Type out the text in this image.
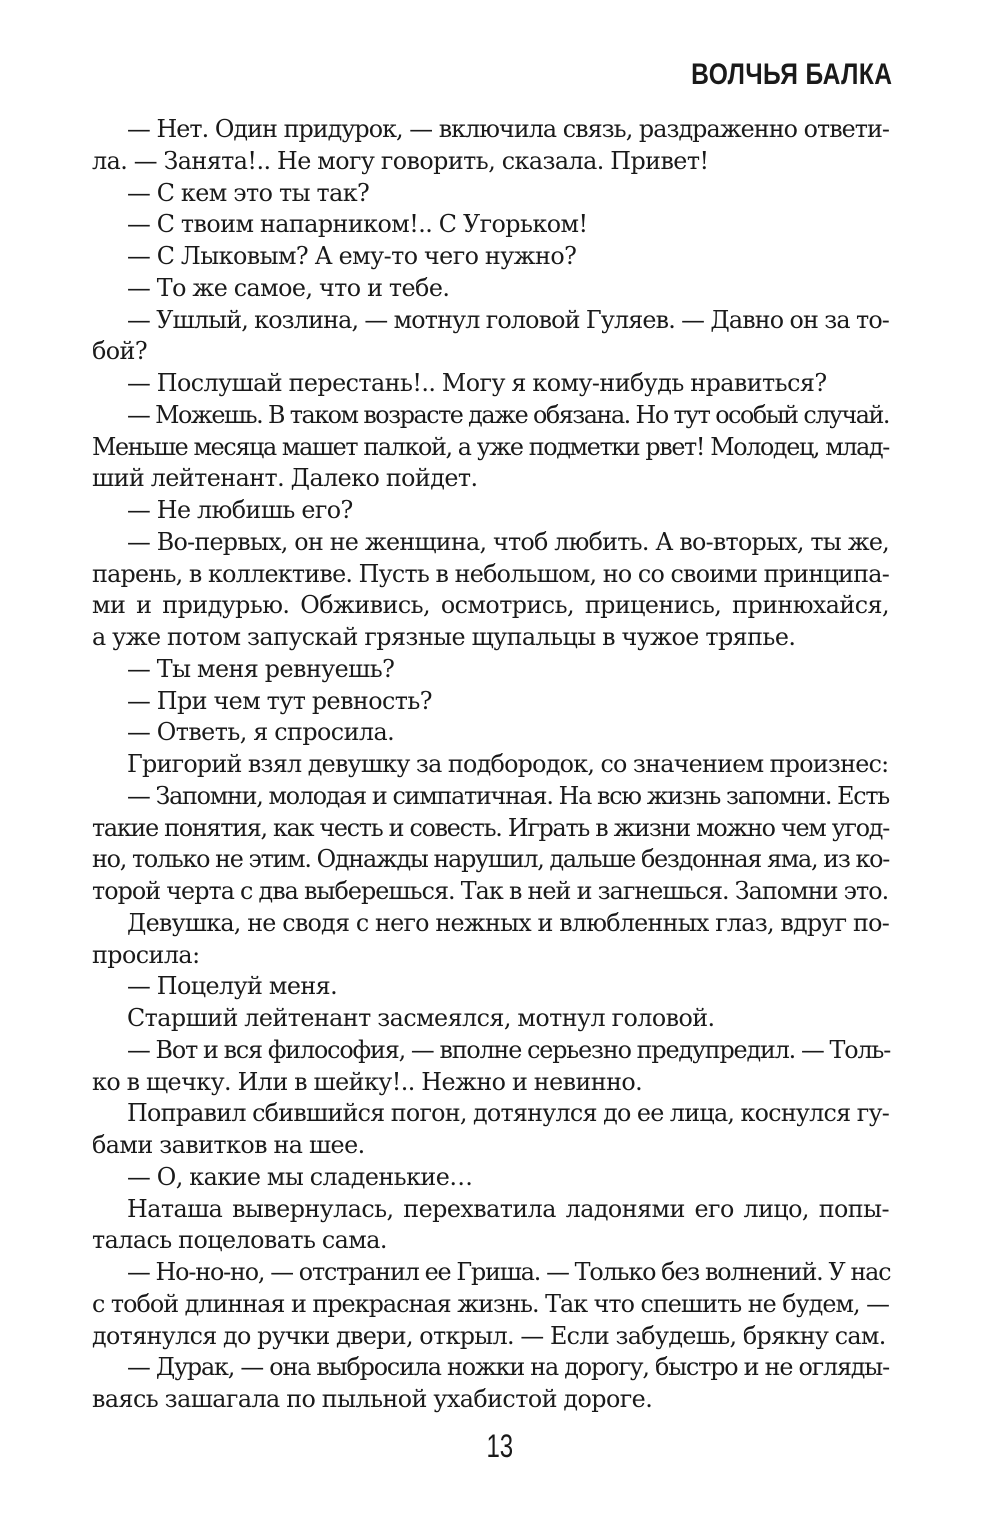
ВОЛЧЬЯ БАЛКА
— Нет. Один придурок, — включила связь, раздраженно ответи-
ла. — Занята!.. Не могу говорить, сказала. Привет!
— С кем это ты так?
— С твоим напарником!.. С Угорьком!
— С Лыковым? А ему-то чего нужно?
— То же самое, что и тебе.
— Ушлый, козлина, — мотнул головой Гуляев. — Давно он за то-
бой?
— Послушай перестань!.. Могу я кому-нибудь нравиться?
— Можешь. В таком возрасте даже обязана. Но тут особый случай.
Меньше месяца машет палкой, а уже подметки рвет! Молодец, млад-
ший лейтенант. Далеко пойдет.
— Не любишь его?
— Во-первых, он не женщина, чтоб любить. А во-вторых, ты же,
парень, в коллективе. Пусть в небольшом, но со своими принципа-
ми и придурью. Обживись, осмотрись, приценись, принюхайся,
а уже потом запускай грязные щупальцы в чужое тряпье.
— Ты меня ревнуешь?
— При чем тут ревность?
— Ответь, я спросила.
Григорий взял девушку за подбородок, со значением произнес:
— Запомни, молодая и симпатичная. На всю жизнь запомни. Есть
такие понятия, как честь и совесть. Играть в жизни можно чем угод-
но, только не этим. Однажды нарушил, дальше бездонная яма, из ко-
торой черта с два выберешься. Так в ней и загнешься. Запомни это.
Девушка, не сводя с него нежных и влюбленных глаз, вдруг по-
просила:
— Поцелуй меня.
Старший лейтенант засмеялся, мотнул головой.
— Вот и вся философия, — вполне серьезно предупредил. — Толь-
ко в щечку. Или в шейку!.. Нежно и невинно.
Поправил сбившийся погон, дотянулся до ее лица, коснулся гу-
бами завитков на шее.
— О, какие мы сладенькие…
Наташа вывернулась, перехватила ладонями его лицо, попы-
талась поцеловать сама.
— Но-но-но, — отстранил ее Гриша. — Только без волнений. У нас
с тобой длинная и прекрасная жизнь. Так что спешить не будем, —
дотянулся до ручки двери, открыл. — Если забудешь, брякну сам.
— Дурак, — она выбросила ножки на дорогу, быстро и не огляды-
ваясь зашагала по пыльной ухабистой дороге.
13
